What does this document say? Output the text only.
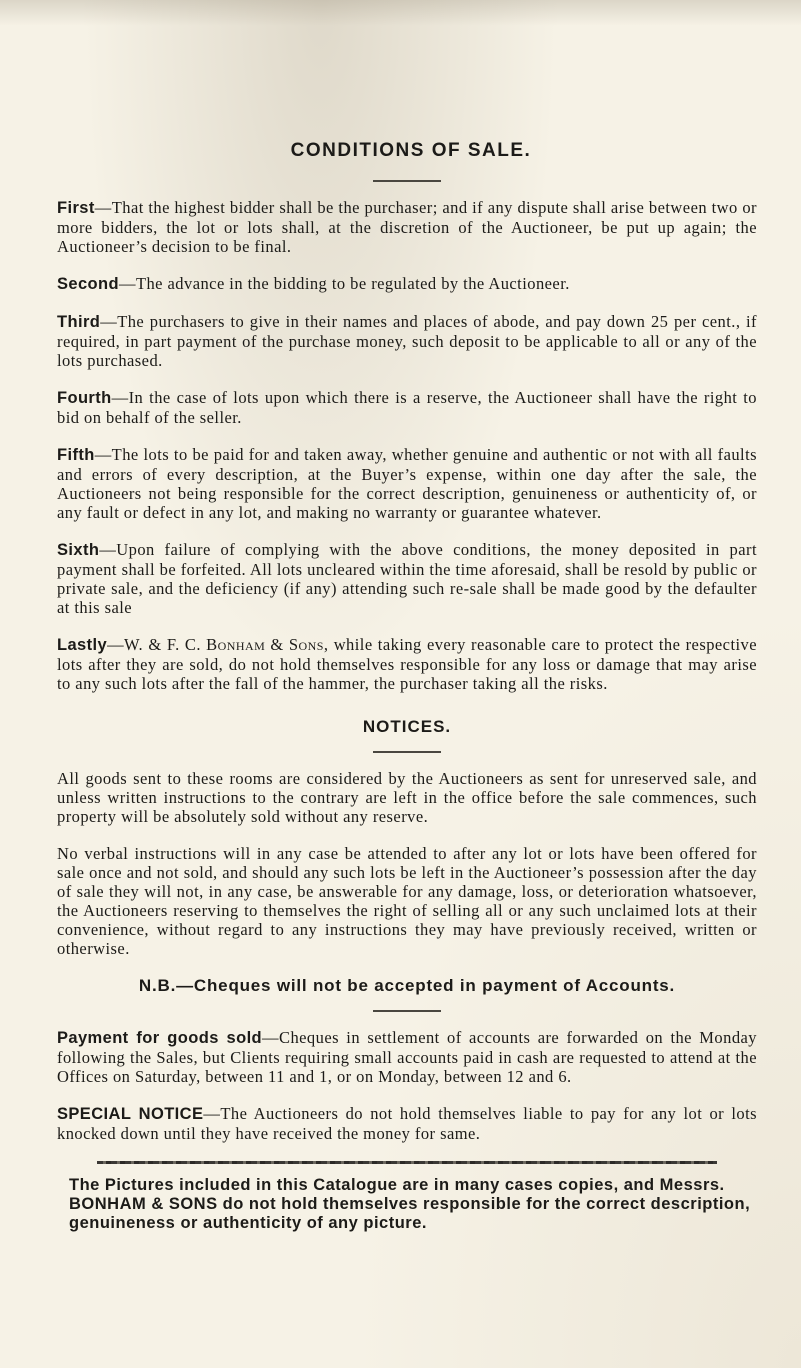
CONDITIONS OF SALE.

First—That the highest bidder shall be the purchaser; and if any dispute shall arise between two or more bidders, the lot or lots shall, at the discretion of the Auctioneer, be put up again; the Auctioneer’s decision to be final.

Second—The advance in the bidding to be regulated by the Auctioneer.

Third—The purchasers to give in their names and places of abode, and pay down 25 per cent., if required, in part payment of the purchase money, such deposit to be applicable to all or any of the lots purchased.

Fourth—In the case of lots upon which there is a reserve, the Auctioneer shall have the right to bid on behalf of the seller.

Fifth—The lots to be paid for and taken away, whether genuine and authentic or not with all faults and errors of every description, at the Buyer’s expense, within one day after the sale, the Auctioneers not being responsible for the correct description, genuineness or authenticity of, or any fault or defect in any lot, and making no warranty or guarantee whatever.

Sixth—Upon failure of complying with the above conditions, the money deposited in part payment shall be forfeited. All lots uncleared within the time aforesaid, shall be resold by public or private sale, and the deficiency (if any) attending such re-sale shall be made good by the defaulter at this sale

Lastly—W. & F. C. Bonham & Sons, while taking every reasonable care to protect the respective lots after they are sold, do not hold themselves responsible for any loss or damage that may arise to any such lots after the fall of the hammer, the purchaser taking all the risks.

NOTICES.

All goods sent to these rooms are considered by the Auctioneers as sent for unreserved sale, and unless written instructions to the contrary are left in the office before the sale commences, such property will be absolutely sold without any reserve.

No verbal instructions will in any case be attended to after any lot or lots have been offered for sale once and not sold, and should any such lots be left in the Auctioneer’s possession after the day of sale they will not, in any case, be answerable for any damage, loss, or deterioration whatsoever, the Auctioneers reserving to themselves the right of selling all or any such unclaimed lots at their convenience, without regard to any instructions they may have previously received, written or otherwise.

N.B.—Cheques will not be accepted in payment of Accounts.

Payment for goods sold—Cheques in settlement of accounts are forwarded on the Monday following the Sales, but Clients requiring small accounts paid in cash are requested to attend at the Offices on Saturday, between 11 and 1, or on Monday, between 12 and 6.

SPECIAL NOTICE—The Auctioneers do not hold themselves liable to pay for any lot or lots knocked down until they have received the money for same.

The Pictures included in this Catalogue are in many cases copies, and Messrs. BONHAM & SONS do not hold themselves responsible for the correct description, genuineness or authenticity of any picture.
